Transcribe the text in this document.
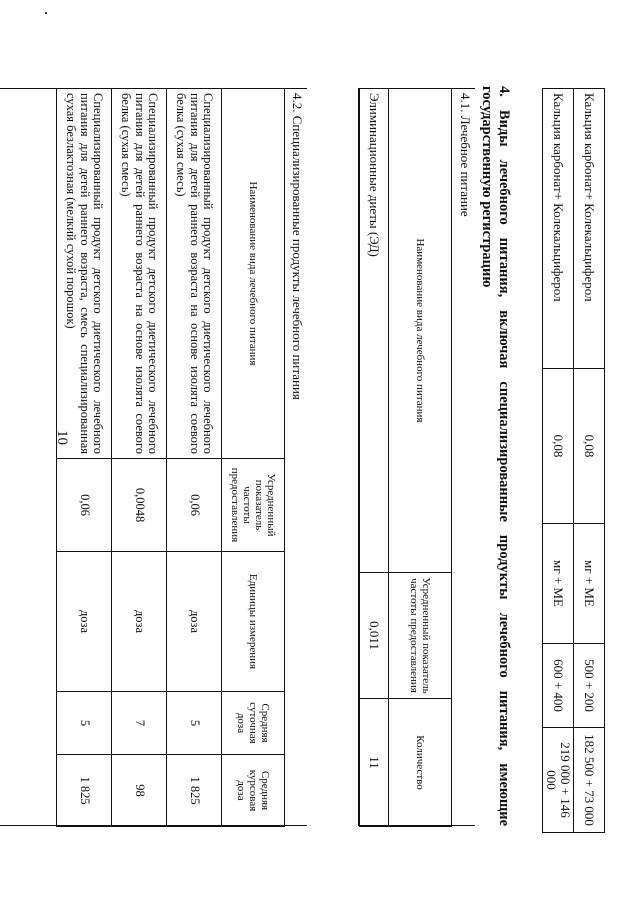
Кальция карбонат+ Колекальциферол	0,08	мг + МЕ	500 + 200	182 500 + 73 000
Кальция карбонат+ Колекальциферол	0,08	мг + МЕ	600 + 400	219 000 + 146 000
10	4. Виды лечебного питания, включая специализированные продукты лечебного питания, имеющие государственную регистрацию
4.1. Лечебное питание
Наименование вида лечебного питания	Усредненный показатель частоты предоставления	Количество
Элиминационные диеты (ЭД)	0,011	11
4.2. Специализированные продукты лечебного питания
Наименование вида лечебного питания	Усредненный показатель частоты предоставления	Единицы измерения	Средняя суточная доза	Средняя курсовая доза
Специализированный продукт детского диетического лечебного питания для детей раннего возраста на основе изолята соевого белка (сухая смесь)	0,06	доза	5	1 825
Специализированный продукт детского диетического лечебного питания для детей раннего возраста на основе изолята соевого белка (сухая смесь)	0,0048	доза	7	98
Специализированный продукт детского диетического лечебного питания для детей раннего возраста, смесь специализированная сухая безлактозная (мелкий сухой порошок)	0,06	доза	5	1 825
